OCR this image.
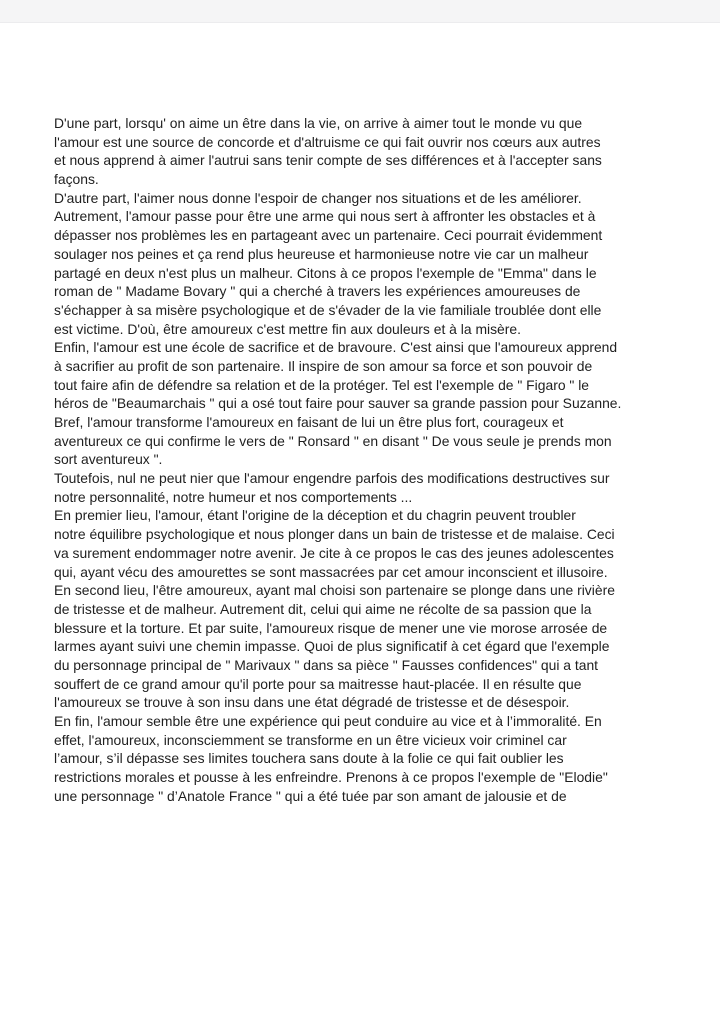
D'une part, lorsqu' on aime un être dans la vie, on arrive à aimer tout le monde vu que
l'amour est une source de concorde et d'altruisme ce qui fait ouvrir nos cœurs aux autres
et nous apprend à aimer l'autrui sans tenir compte de ses différences et à l'accepter sans
façons.
D'autre part, l'aimer nous donne l'espoir de changer nos situations et de les améliorer.
Autrement, l'amour passe pour être une arme qui nous sert à affronter les obstacles et à
dépasser nos problèmes les en partageant avec un partenaire. Ceci pourrait évidemment
soulager nos peines et ça rend plus heureuse et harmonieuse notre vie car un malheur
partagé en deux n'est plus un malheur. Citons à ce propos l'exemple de "Emma" dans le
roman de " Madame Bovary " qui a cherché à travers les expériences amoureuses de
s'échapper à sa misère psychologique et de s'évader de la vie familiale troublée dont elle
est victime. D'où, être amoureux c'est mettre fin aux douleurs et à la misère.
Enfin, l'amour est une école de sacrifice et de bravoure. C'est ainsi que l'amoureux apprend
à sacrifier au profit de son partenaire. Il inspire de son amour sa force et son pouvoir de
tout faire afin de défendre sa relation et de la protéger. Tel est l'exemple de " Figaro " le
héros de "Beaumarchais " qui a osé tout faire pour sauver sa grande passion pour Suzanne.
Bref, l'amour transforme l'amoureux en faisant de lui un être plus fort, courageux et
aventureux ce qui confirme le vers de " Ronsard " en disant " De vous seule je prends mon
sort aventureux ".
Toutefois, nul ne peut nier que l'amour engendre parfois des modifications destructives sur
notre personnalité, notre humeur et nos comportements ...
En premier lieu, l'amour, étant l'origine de la déception et du chagrin peuvent troubler
notre équilibre psychologique et nous plonger dans un bain de tristesse et de malaise. Ceci
va surement endommager notre avenir. Je cite à ce propos le cas des jeunes adolescentes
qui, ayant vécu des amourettes se sont massacrées par cet amour inconscient et illusoire.
En second lieu, l'être amoureux, ayant mal choisi son partenaire se plonge dans une rivière
de tristesse et de malheur. Autrement dit, celui qui aime ne récolte de sa passion que la
blessure et la torture. Et par suite, l'amoureux risque de mener une vie morose arrosée de
larmes ayant suivi une chemin impasse. Quoi de plus significatif à cet égard que l'exemple
du personnage principal de " Marivaux " dans sa pièce " Fausses confidences" qui a tant
souffert de ce grand amour qu'il porte pour sa maitresse haut-placée. Il en résulte que
l'amoureux se trouve à son insu dans une état dégradé de tristesse et de désespoir.
En fin, l'amour semble être une expérience qui peut conduire au vice et à l’immoralité. En
effet, l'amoureux, inconsciemment se transforme en un être vicieux voir criminel car
l’amour, s’il dépasse ses limites touchera sans doute à la folie ce qui fait oublier les
restrictions morales et pousse à les enfreindre. Prenons à ce propos l'exemple de "Elodie"
une personnage " d’Anatole France " qui a été tuée par son amant de jalousie et de
